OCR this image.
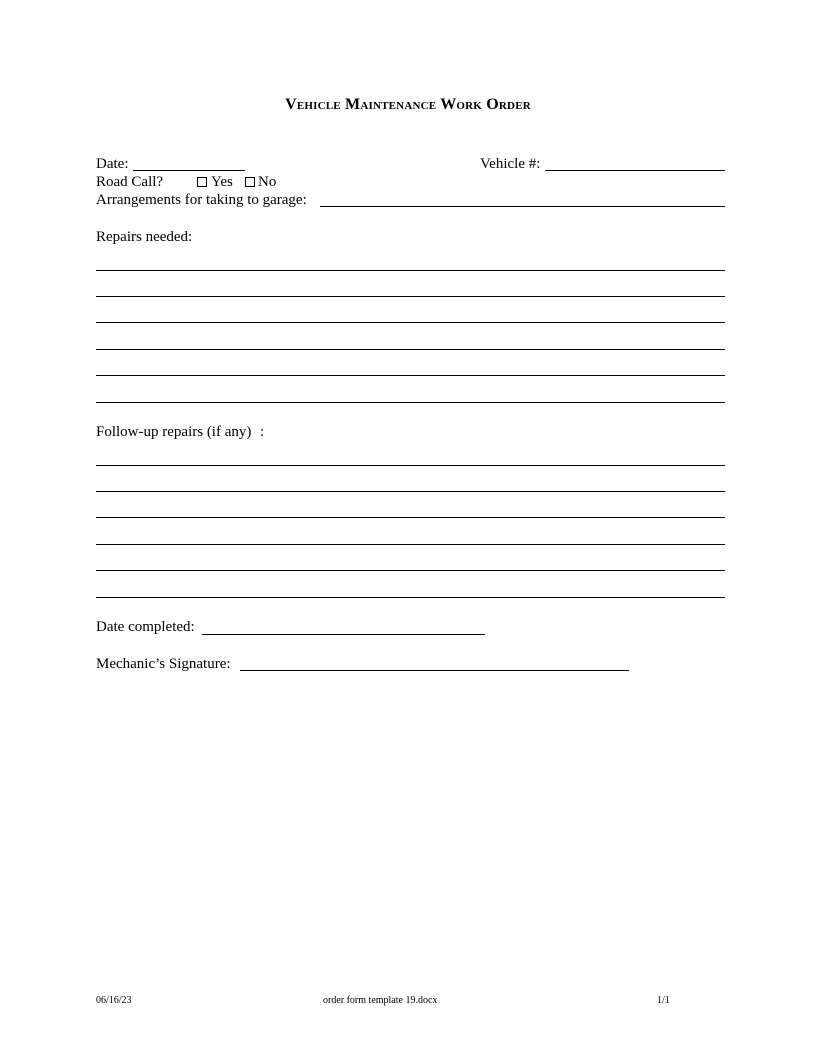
Vehicle Maintenance Work Order
Date:	Vehicle #:
Road Call?	Yes No
Arrangements for taking to garage:
Repairs needed:
Follow-up repairs (if any) :
Date completed:
Mechanic’s Signature:
06/16/23	order form template 19.docx	1/1
